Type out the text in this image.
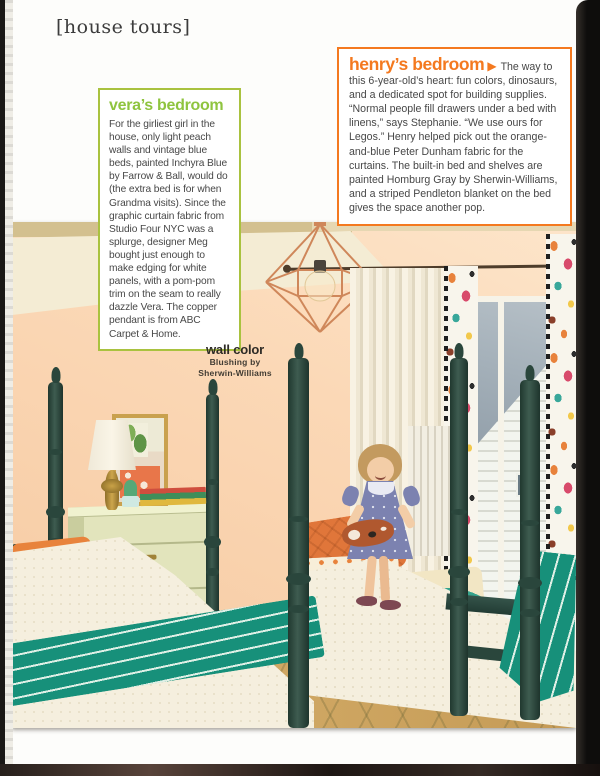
[house tours]
vera’s bedroom

For the girliest girl in the house, only light peach walls and vintage blue beds, painted Inchyra Blue by Farrow & Ball, would do (the extra bed is for when Grandma visits). Since the graphic curtain fabric from Studio Four NYC was a splurge, designer Meg bought just enough to make edging for white panels, with a pom-pom trim on the seam to really dazzle Vera. The copper pendant is from ABC Carpet & Home.

henry’s bedroom ▶ The way to this 6-year-old’s heart: fun colors, dinosaurs, and a dedicated spot for building supplies. “Normal people fill drawers under a bed with linens,” says Stephanie. “We use ours for Legos.” Henry helped pick out the orange-and-blue Peter Dunham fabric for the curtains. The built-in bed and shelves are painted Homburg Gray by Sherwin-Williams, and a striped Pendleton blanket on the bed gives the space another pop.

wall color
Blushing by
Sherwin-Williams
